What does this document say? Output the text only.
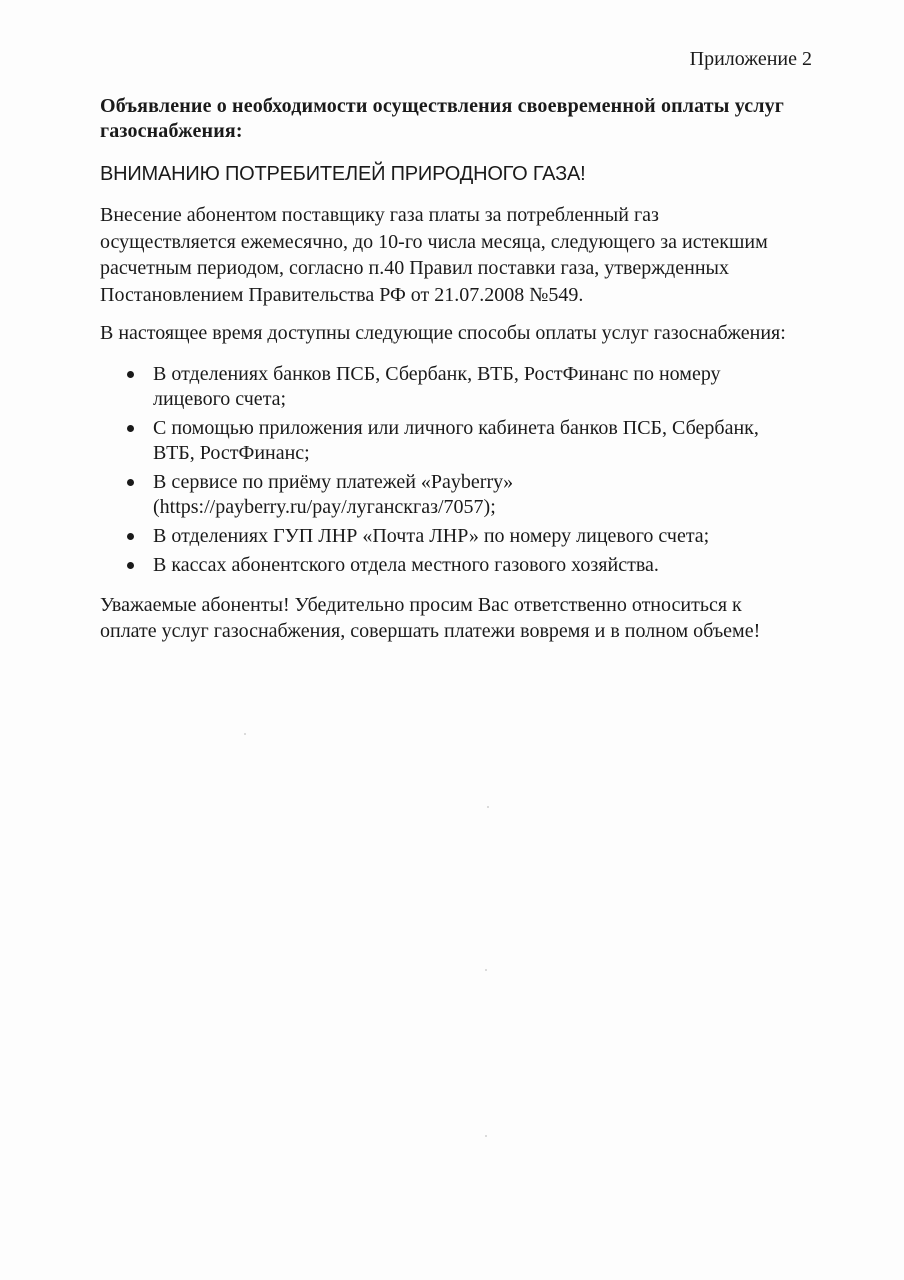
Приложение 2
Объявление о необходимости осуществления своевременной оплаты услуг
газоснабжения:
ВНИМАНИЮ ПОТРЕБИТЕЛЕЙ ПРИРОДНОГО ГАЗА!
Внесение абонентом поставщику газа платы за потребленный газ
осуществляется ежемесячно, до 10-го числа месяца, следующего за истекшим
расчетным периодом, согласно п.40 Правил поставки газа, утвержденных
Постановлением Правительства РФ от 21.07.2008 №549.
В настоящее время доступны следующие способы оплаты услуг газоснабжения:
В отделениях банков ПСБ, Сбербанк, ВТБ, РостФинанс по номеру
лицевого счета;
С помощью приложения или личного кабинета банков ПСБ, Сбербанк,
ВТБ, РостФинанс;
В сервисе по приёму платежей «Payberry»
(https://payberry.ru/pay/луганскгаз/7057);
В отделениях ГУП ЛНР «Почта ЛНР» по номеру лицевого счета;
В кассах абонентского отдела местного газового хозяйства.
Уважаемые абоненты! Убедительно просим Вас ответственно относиться к
оплате услуг газоснабжения, совершать платежи вовремя и в полном объеме!
